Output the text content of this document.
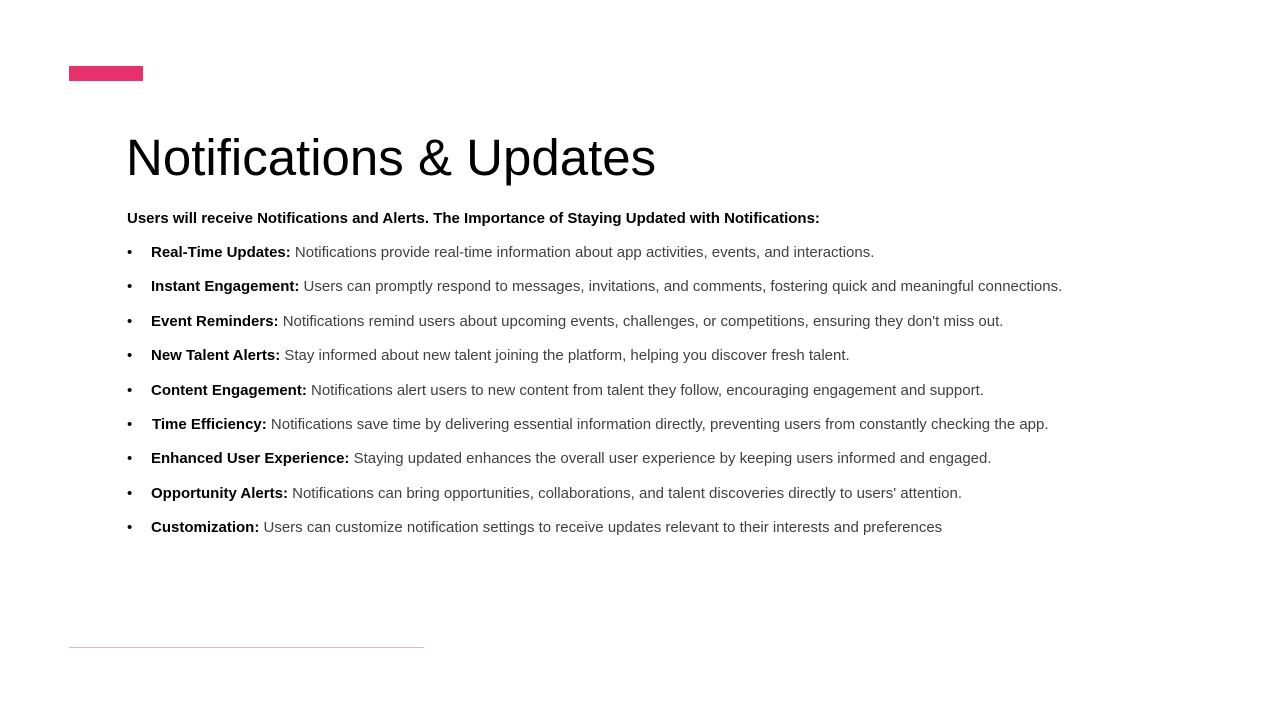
Notifications & Updates

Users will receive Notifications and Alerts. The Importance of Staying Updated with Notifications:

• Real-Time Updates: Notifications provide real-time information about app activities, events, and interactions.
• Instant Engagement: Users can promptly respond to messages, invitations, and comments, fostering quick and meaningful connections.
• Event Reminders: Notifications remind users about upcoming events, challenges, or competitions, ensuring they don't miss out.
• New Talent Alerts: Stay informed about new talent joining the platform, helping you discover fresh talent.
• Content Engagement: Notifications alert users to new content from talent they follow, encouraging engagement and support.
• Time Efficiency: Notifications save time by delivering essential information directly, preventing users from constantly checking the app.
• Enhanced User Experience: Staying updated enhances the overall user experience by keeping users informed and engaged.
• Opportunity Alerts: Notifications can bring opportunities, collaborations, and talent discoveries directly to users' attention.
• Customization: Users can customize notification settings to receive updates relevant to their interests and preferences
